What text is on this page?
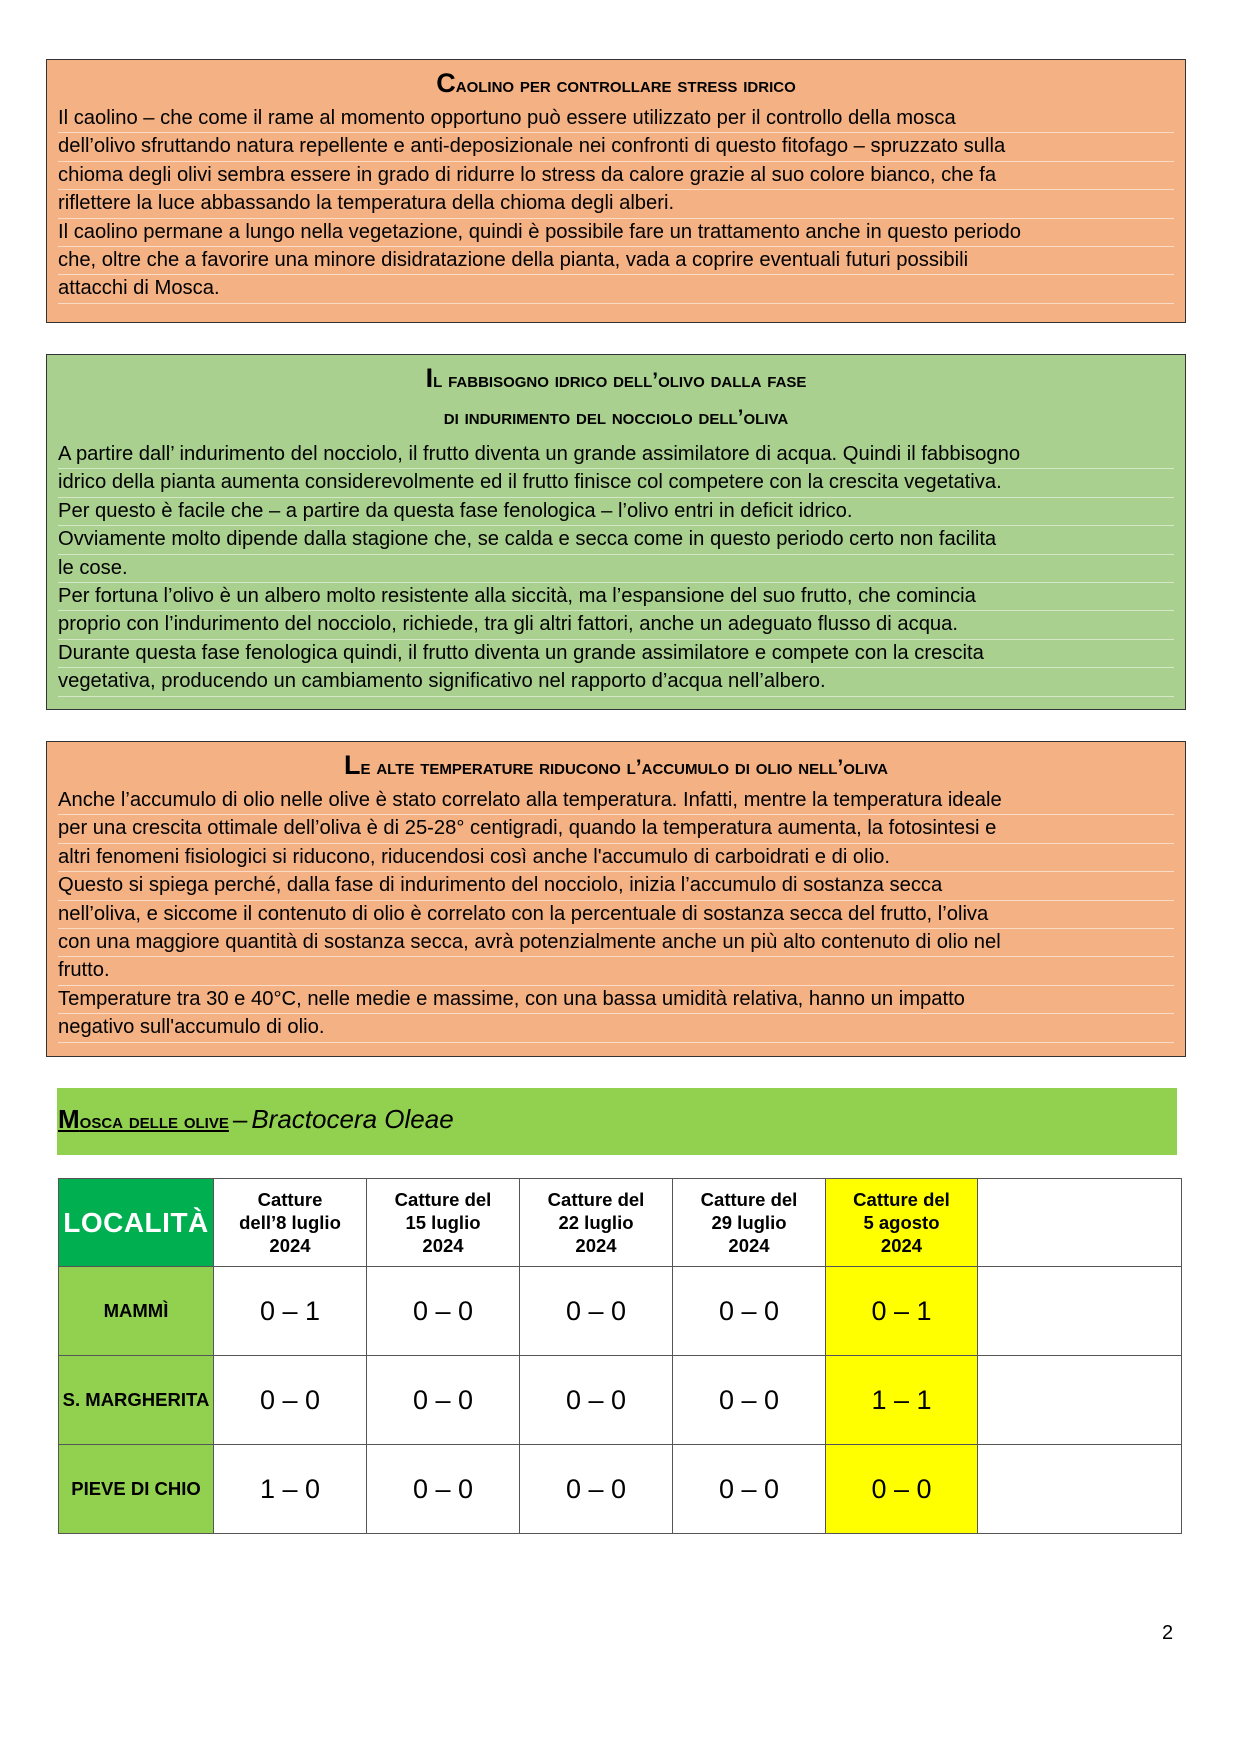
Caolino per controllare stress idrico

Il caolino – che come il rame al momento opportuno può essere utilizzato per il controllo della mosca

dell’olivo sfruttando natura repellente e anti-deposizionale nei confronti di questo fitofago – spruzzato sulla

chioma degli olivi sembra essere in grado di ridurre lo stress da calore grazie al suo colore bianco, che fa

riflettere la luce abbassando la temperatura della chioma degli alberi.

Il caolino permane a lungo nella vegetazione, quindi è possibile fare un trattamento anche in questo periodo

che, oltre che a favorire una minore disidratazione della pianta, vada a coprire eventuali futuri possibili

attacchi di Mosca.

Il fabbisogno idrico dell’olivo dalla fase
di indurimento del nocciolo dell’oliva

A partire dall’ indurimento del nocciolo, il frutto diventa un grande assimilatore di acqua. Quindi il fabbisogno

idrico della pianta aumenta considerevolmente ed il frutto finisce col competere con la crescita vegetativa.

Per questo è facile che – a partire da questa fase fenologica – l’olivo entri in deficit idrico.

Ovviamente molto dipende dalla stagione che, se calda e secca come in questo periodo certo non facilita

le cose.

Per fortuna l’olivo è un albero molto resistente alla siccità, ma l’espansione del suo frutto, che comincia

proprio con l’indurimento del nocciolo, richiede, tra gli altri fattori, anche un adeguato flusso di acqua.

Durante questa fase fenologica quindi, il frutto diventa un grande assimilatore e compete con la crescita

vegetativa, producendo un cambiamento significativo nel rapporto d’acqua nell’albero.

Le alte temperature riducono l’accumulo di olio nell’oliva

Anche l’accumulo di olio nelle olive è stato correlato alla temperatura. Infatti, mentre la temperatura ideale

per una crescita ottimale dell’oliva è di 25-28° centigradi, quando la temperatura aumenta, la fotosintesi e

altri fenomeni fisiologici si riducono, riducendosi così anche l'accumulo di carboidrati e di olio.

Questo si spiega perché, dalla fase di indurimento del nocciolo, inizia l’accumulo di sostanza secca

nell’oliva, e siccome il contenuto di olio è correlato con la percentuale di sostanza secca del frutto, l’oliva

con una maggiore quantità di sostanza secca, avrà potenzialmente anche un più alto contenuto di olio nel

frutto.

Temperature tra 30 e 40°C, nelle medie e massime, con una bassa umidità relativa, hanno un impatto

negativo sull'accumulo di olio.

Mosca delle olive – Bractocera Oleae
LOCALITÀ	Catture
dell’8 luglio
2024	Catture del
15 luglio
2024	Catture del
22 luglio
2024	Catture del
29 luglio
2024	Catture del
5 agosto
2024	
MAMMÌ	0 – 1	0 – 0	0 – 0	0 – 0	0 – 1	
S. MARGHERITA	0 – 0	0 – 0	0 – 0	0 – 0	1 – 1	
PIEVE DI CHIO	1 – 0	0 – 0	0 – 0	0 – 0	0 – 0	
2
